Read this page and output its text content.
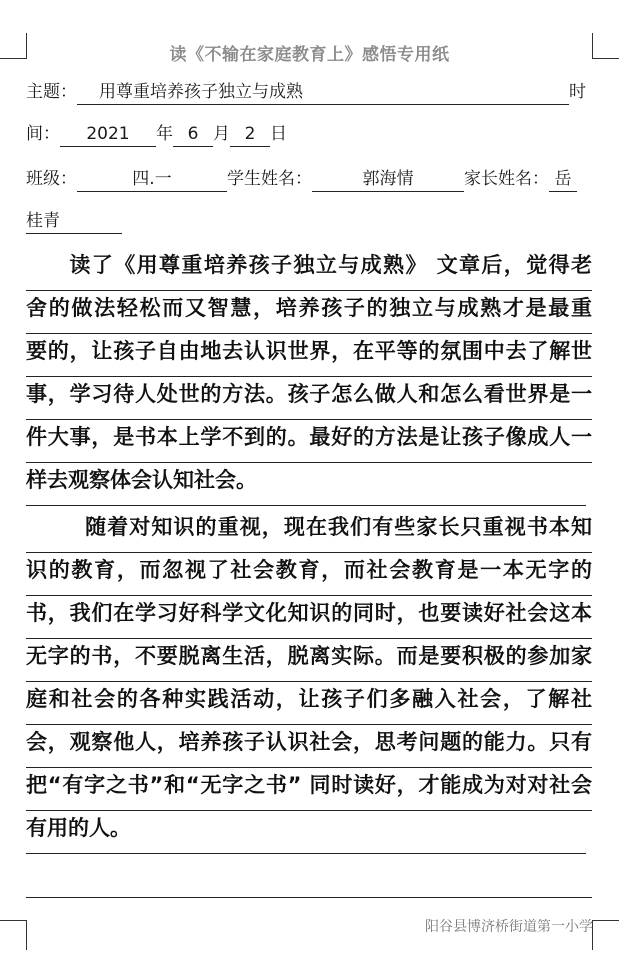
读《不输在家庭教育上》感悟专用纸
主题： 用尊重培养孩子独立与成熟	时
间： 2021 年 6 月 2 日
班级：	四.一	学生姓名：	郭海情	家长姓名： 岳
桂青
读了《用尊重培养孩子独立与成熟》 文章后，觉得老
舍的做法轻松而又智慧，培养孩子的独立与成熟才是最重
要的，让孩子自由地去认识世界，在平等的氛围中去了解世
事，学习待人处世的方法。孩子怎么做人和怎么看世界是一
件大事，是书本上学不到的。最好的方法是让孩子像成人一
样去观察体会认知社会。
随着对知识的重视，现在我们有些家长只重视书本知
识的教育，而忽视了社会教育，而社会教育是一本无字的
书，我们在学习好科学文化知识的同时，也要读好社会这本
无字的书，不要脱离生活，脱离实际。而是要积极的参加家
庭和社会的各种实践活动，让孩子们多融入社会，了解社
会，观察他人，培养孩子认识社会，思考问题的能力。只有
把“有字之书”和“无字之书” 同时读好，才能成为对对社会
有用的人。
阳谷县博济桥街道第一小学
